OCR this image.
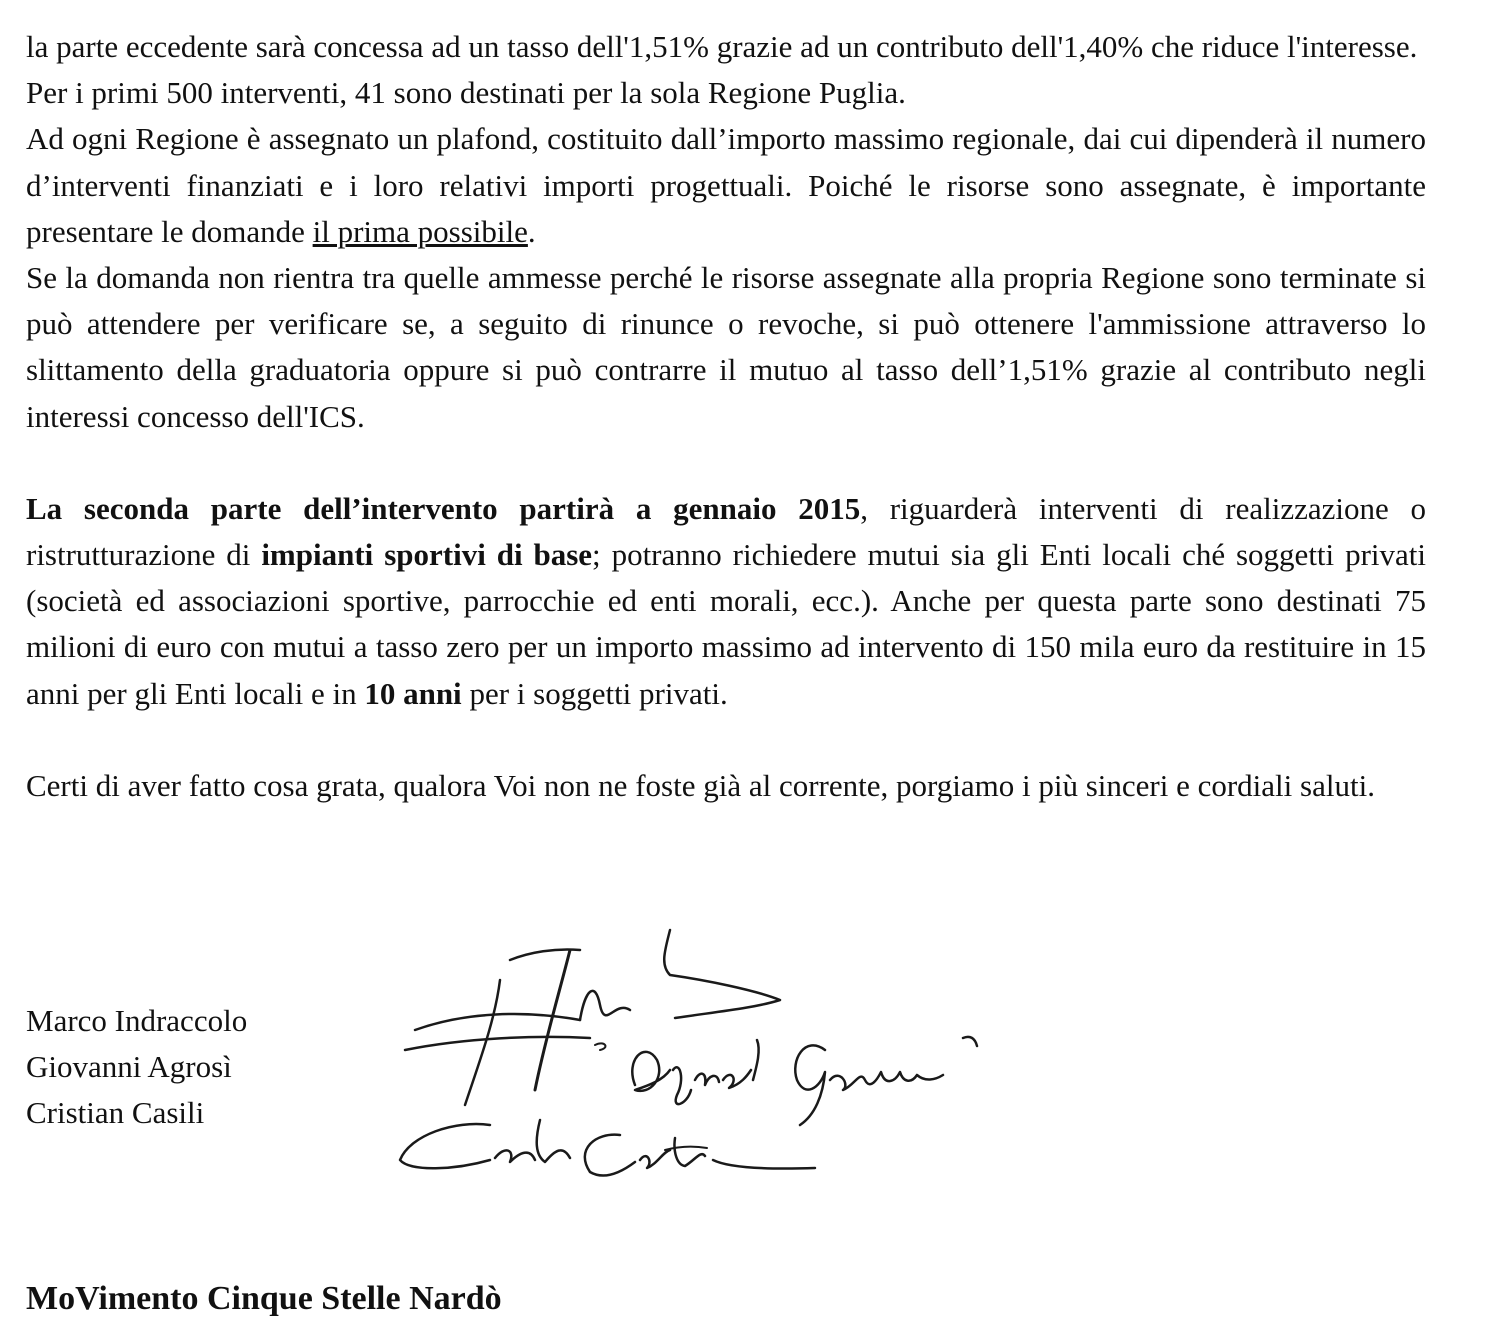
la parte eccedente sarà concessa ad un tasso dell'1,51% grazie ad un contributo dell'1,40% che riduce l'interesse.

Per i primi 500 interventi, 41 sono destinati per la sola Regione Puglia.

Ad ogni Regione è assegnato un plafond, costituito dall’importo massimo regionale, dai cui dipenderà il numero d’interventi finanziati e i loro relativi importi progettuali. Poiché le risorse sono assegnate, è importante presentare le domande il prima possibile.

Se la domanda non rientra tra quelle ammesse perché le risorse assegnate alla propria Regione sono terminate si può attendere per verificare se, a seguito di rinunce o revoche, si può ottenere l'ammissione attraverso lo slittamento della graduatoria oppure si può contrarre il mutuo al tasso dell’1,51% grazie al contributo negli interessi concesso dell'ICS.

La seconda parte dell’intervento partirà a gennaio 2015, riguarderà interventi di realizzazione o ristrutturazione di impianti sportivi di base; potranno richiedere mutui sia gli Enti locali ché soggetti privati (società ed associazioni sportive, parrocchie ed enti morali, ecc.). Anche per questa parte sono destinati 75 milioni di euro con mutui a tasso zero per un importo massimo ad intervento di 150 mila euro da restituire in 15 anni per gli Enti locali e in 10 anni per i soggetti privati.

Certi di aver fatto cosa grata, qualora Voi non ne foste già al corrente, porgiamo i più sinceri e cordiali saluti.

Marco Indraccolo
Giovanni Agrosì
Cristian Casili
MoVimento Cinque Stelle Nardò
